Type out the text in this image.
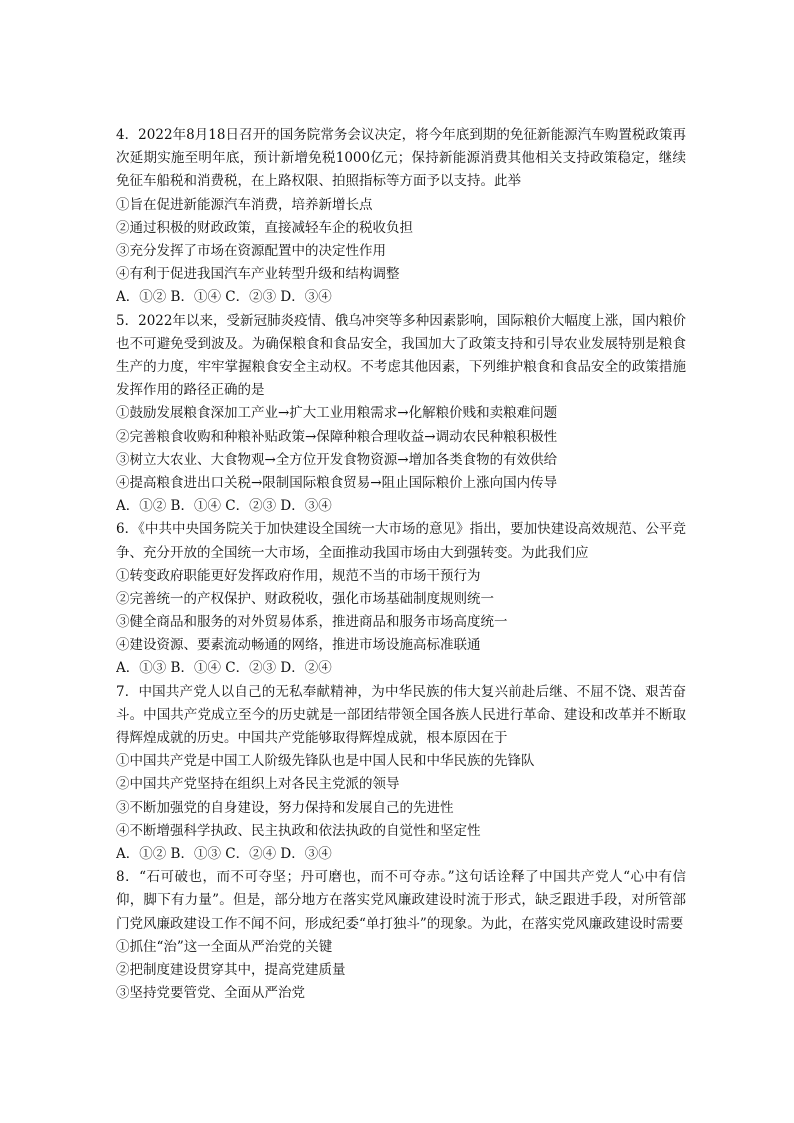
4．2022年8月18日召开的国务院常务会议决定，将今年底到期的免征新能源汽车购置税政策再次延期实施至明年底，预计新增免税1000亿元；保持新能源消费其他相关支持政策稳定，继续免征车船税和消费税，在上路权限、拍照指标等方面予以支持。此举
①旨在促进新能源汽车消费，培养新增长点
②通过积极的财政政策，直接减轻车企的税收负担
③充分发挥了市场在资源配置中的决定性作用
④有利于促进我国汽车产业转型升级和结构调整
A．①② B．①④ C．②③ D．③④
5．2022年以来，受新冠肺炎疫情、俄乌冲突等多种因素影响，国际粮价大幅度上涨，国内粮价也不可避免受到波及。为确保粮食和食品安全，我国加大了政策支持和引导农业发展特别是粮食生产的力度，牢牢掌握粮食安全主动权。不考虑其他因素，下列维护粮食和食品安全的政策措施发挥作用的路径正确的是
①鼓励发展粮食深加工产业→扩大工业用粮需求→化解粮价贱和卖粮难问题
②完善粮食收购和种粮补贴政策→保障种粮合理收益→调动农民种粮积极性
③树立大农业、大食物观→全方位开发食物资源→增加各类食物的有效供给
④提高粮食进出口关税→限制国际粮食贸易→阻止国际粮价上涨向国内传导
A．①② B．①④ C．②③ D．③④
6．《中共中央国务院关于加快建设全国统一大市场的意见》指出，要加快建设高效规范、公平竞争、充分开放的全国统一大市场，全面推动我国市场由大到强转变。为此我们应
①转变政府职能更好发挥政府作用，规范不当的市场干预行为
②完善统一的产权保护、财政税收，强化市场基础制度规则统一
③健全商品和服务的对外贸易体系，推进商品和服务市场高度统一
④建设资源、要素流动畅通的网络，推进市场设施高标准联通
A．①③ B．①④ C．②③ D．②④
7．中国共产党人以自己的无私奉献精神，为中华民族的伟大复兴前赴后继、不屈不饶、艰苦奋斗。中国共产党成立至今的历史就是一部团结带领全国各族人民进行革命、建设和改革并不断取得辉煌成就的历史。中国共产党能够取得辉煌成就，根本原因在于
①中国共产党是中国工人阶级先锋队也是中国人民和中华民族的先锋队
②中国共产党坚持在组织上对各民主党派的领导
③不断加强党的自身建设，努力保持和发展自己的先进性
④不断增强科学执政、民主执政和依法执政的自觉性和坚定性
A．①② B．①③ C．②④ D．③④
8．“石可破也，而不可夺坚；丹可磨也，而不可夺赤。”这句话诠释了中国共产党人“心中有信仰，脚下有力量”。但是，部分地方在落实党风廉政建设时流于形式，缺乏跟进手段，对所管部门党风廉政建设工作不闻不问，形成纪委“单打独斗”的现象。为此，在落实党风廉政建设时需要
①抓住“治”这一全面从严治党的关键
②把制度建设贯穿其中，提高党建质量
③坚持党要管党、全面从严治党
